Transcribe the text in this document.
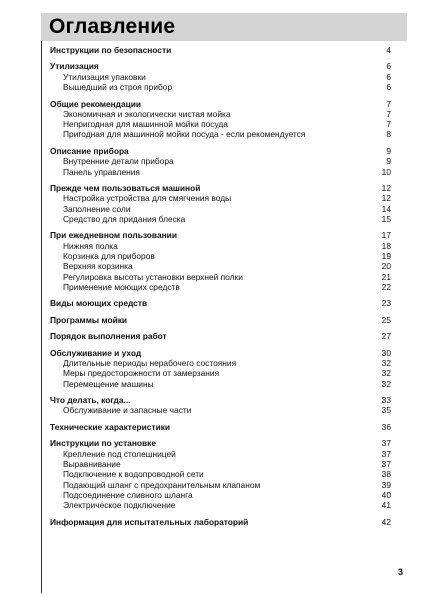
Оглавление
Инструкции по безопасности	4
Утилизация	6
Утилизация упаковки	6
Вышедший из строя прибор	6
Общие рекомендации	7
Экономичная и экологически чистая мойка	7
Непригодная для машинной мойки посуда	7
Пригодная для машинной мойки посуда - если рекомендуется	8
Описание прибора	9
Внутренние детали прибора	9
Панель управления	10
Прежде чем пользоваться машиной	12
Настройка устройства для смягчения воды	12
Заполнение соли	14
Средство для придания блеска	15
При ежедневном пользовании	17
Нижняя полка	18
Корзинка для приборов	19
Верхняя корзинка	20
Регулировка высоты установки верхней полки	21
Применение моющих средств	22
Виды моющих средств	23
Программы мойки	25
Порядок выполнения работ	27
Обслуживание и уход	30
Длительные периоды нерабочего состояния	32
Меры предосторожности от замерзания	32
Перемещение машины	32
Что делать, когда...	33
Обслуживание и запасные части	35
Технические характеристики	36
Инструкции по установке	37
Крепление под столешницей	37
Выравнивание	37
Подключение к водопроводной сети	38
Подающий шланг с предохранительным клапаном	39
Подсоединение сливного шланга	40
Электрическое подключение	41
Информация для испытательных лабораторий	42
3
